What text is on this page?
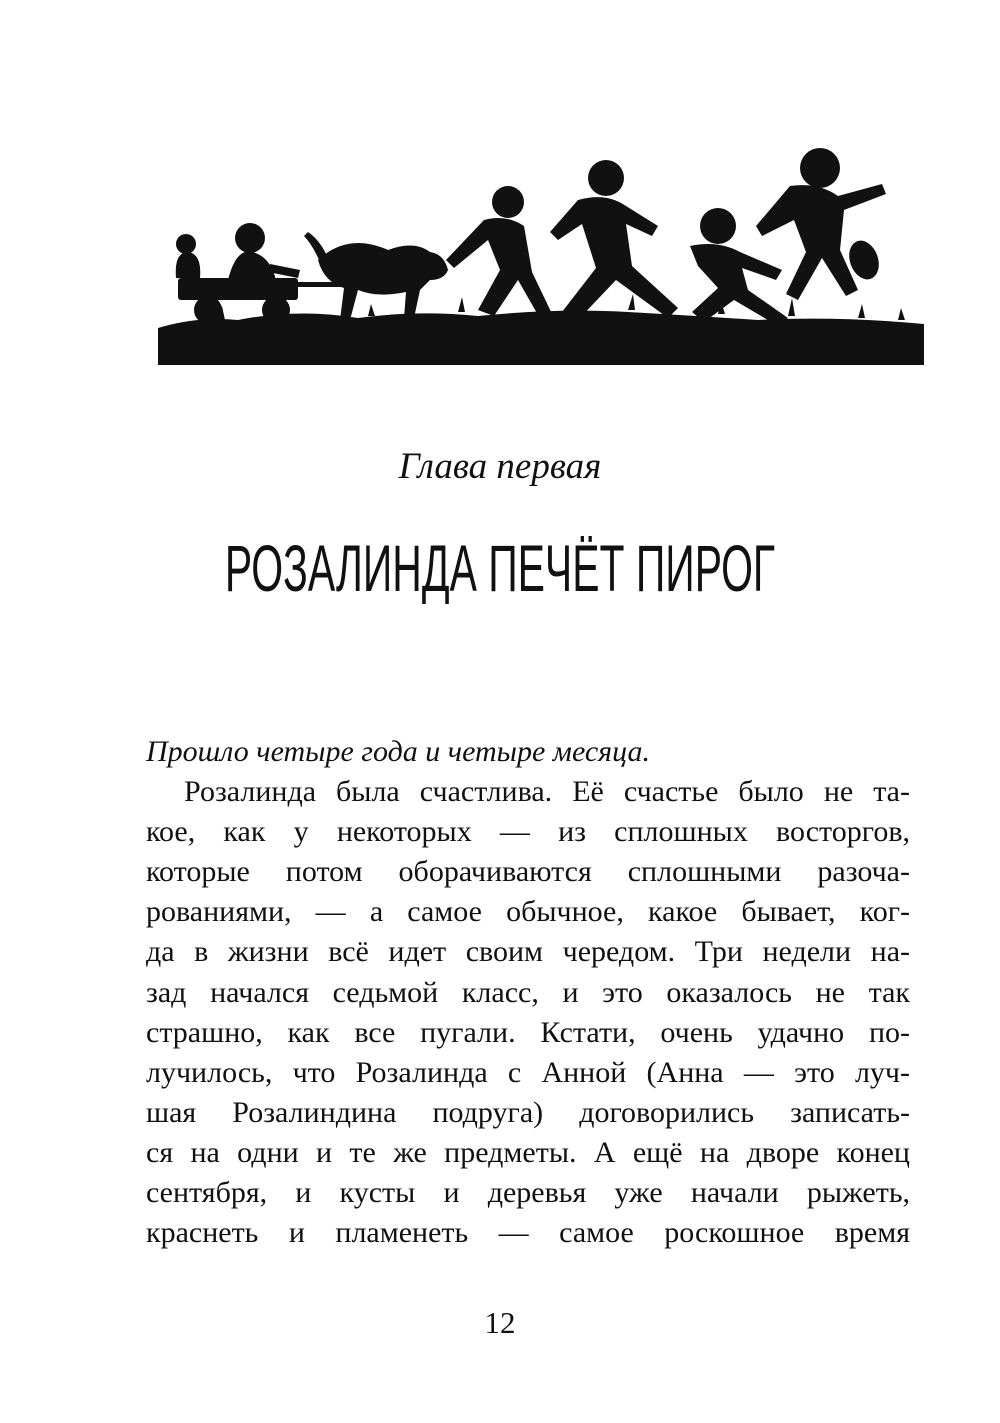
Глава первая
РОЗАЛИНДА ПЕЧЁТ ПИРОГ
Прошло четыре года и четыре месяца.
Розалинда была счастлива. Её счастье было не та-
кое, как у некоторых — из сплошных восторгов,
которые потом оборачиваются сплошными разоча-
рованиями, — а самое обычное, какое бывает, ког-
да в жизни всё идет своим чередом. Три недели на-
зад начался седьмой класс, и это оказалось не так
страшно, как все пугали. Кстати, очень удачно по-
лучилось, что Розалинда с Анной (Анна — это луч-
шая Розалиндина подруга) договорились записать-
ся на одни и те же предметы. А ещё на дворе конец
сентября, и кусты и деревья уже начали рыжеть,
краснеть и пламенеть — самое роскошное время
12
